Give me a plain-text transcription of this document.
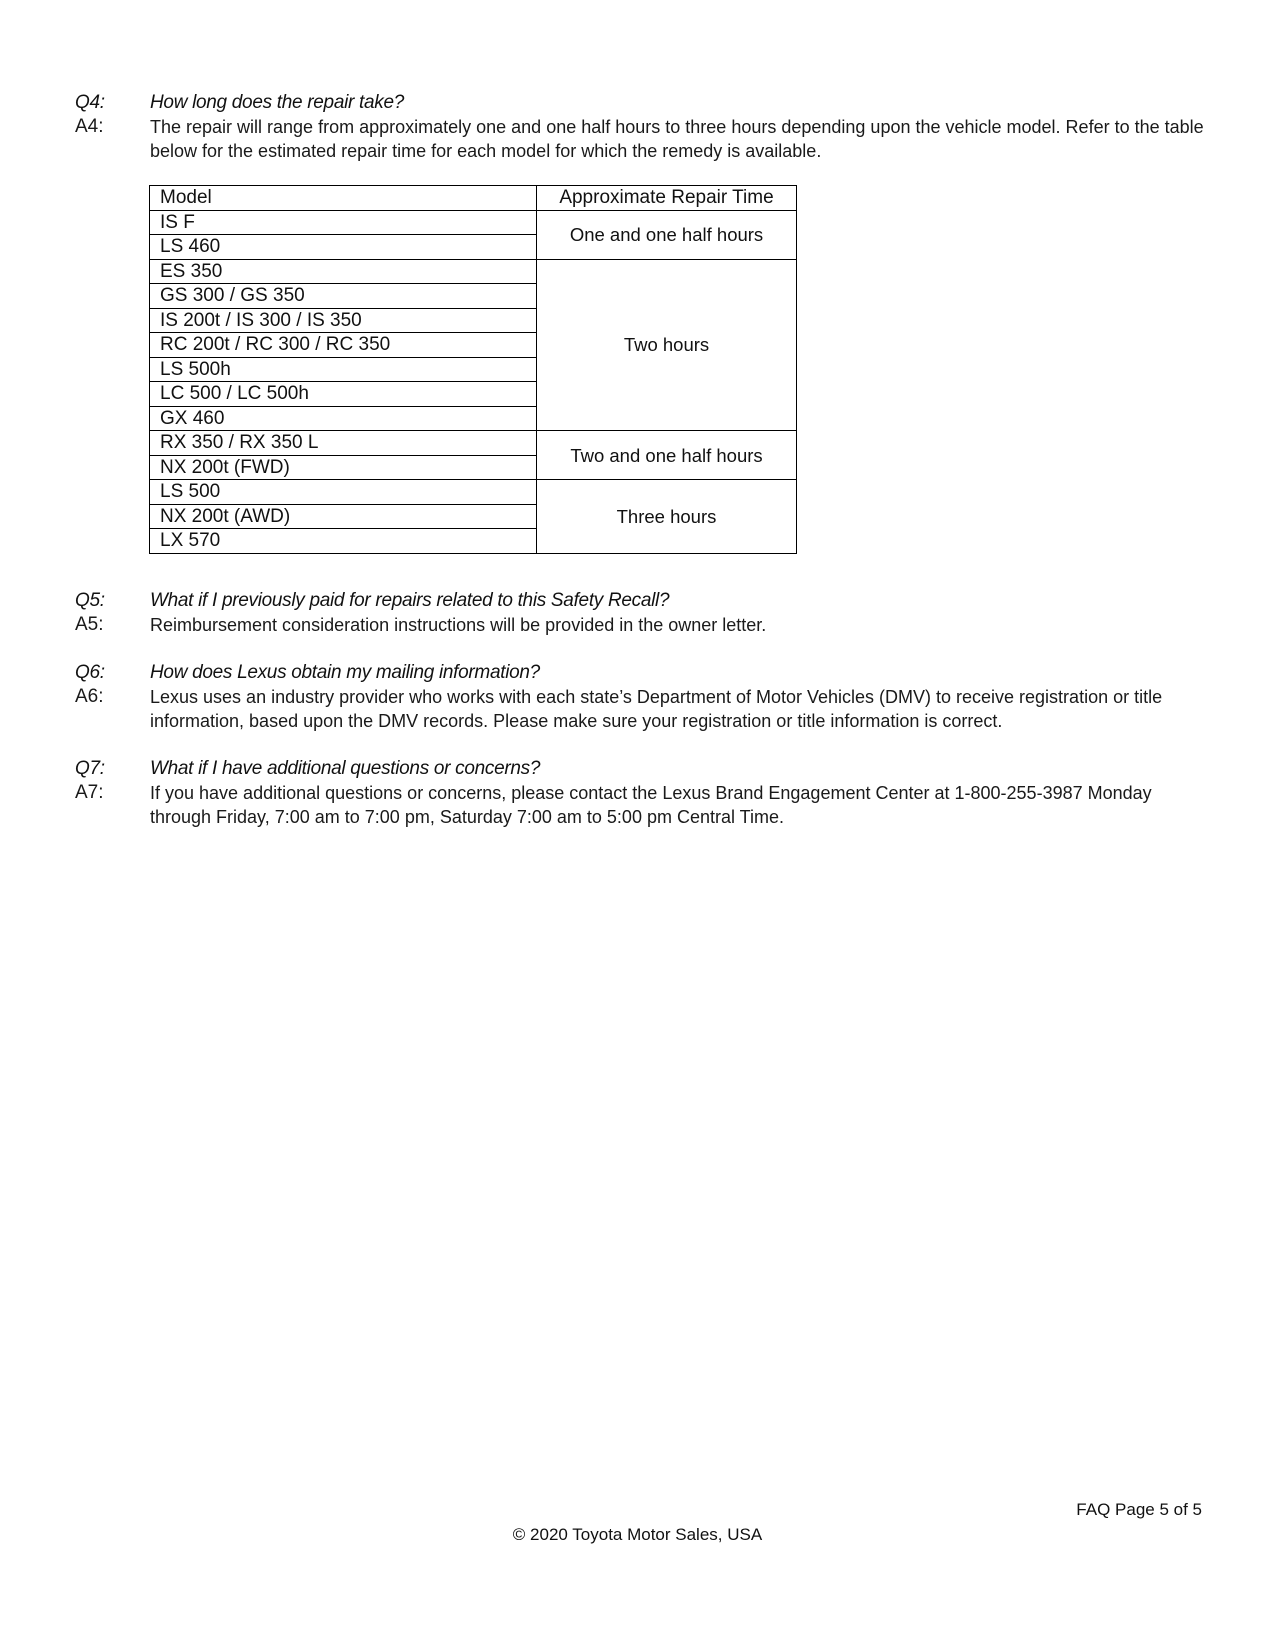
Q4:	How long does the repair take?
A4:	The repair will range from approximately one and one half hours to three hours depending upon the vehicle model. Refer to the table below for the estimated repair time for each model for which the remedy is available.
Model	Approximate Repair Time
IS F	One and one half hours
LS 460	
ES 350	Two hours
GS 300 / GS 350	
IS 200t / IS 300 / IS 350	
RC 200t / RC 300 / RC 350	
LS 500h	
LC 500 / LC 500h	
GX 460	
RX 350 / RX 350 L	Two and one half hours
NX 200t (FWD)	
LS 500	Three hours
NX 200t (AWD)	
LX 570	
Q5:	What if I previously paid for repairs related to this Safety Recall?
A5:	Reimbursement consideration instructions will be provided in the owner letter.
Q6:	How does Lexus obtain my mailing information?
A6:	Lexus uses an industry provider who works with each state’s Department of Motor Vehicles (DMV) to receive registration or title information, based upon the DMV records. Please make sure your registration or title information is correct.
Q7:	What if I have additional questions or concerns?
A7:	If you have additional questions or concerns, please contact the Lexus Brand Engagement Center at 1-800-255-3987 Monday through Friday, 7:00 am to 7:00 pm, Saturday 7:00 am to 5:00 pm Central Time.
FAQ Page 5 of 5
© 2020 Toyota Motor Sales, USA
